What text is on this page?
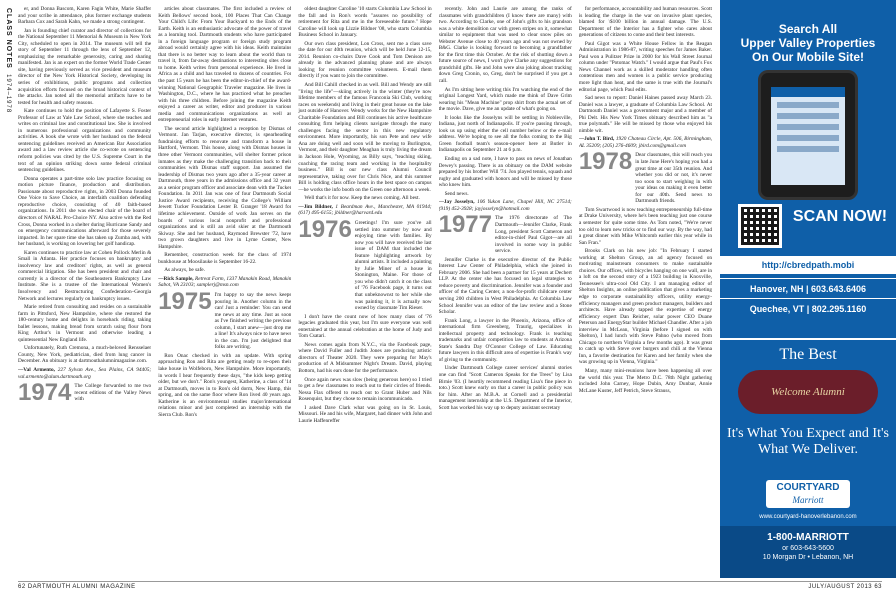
CLASS NOTES  1974–1978

er, and Donna Bascom, Karen Fagin White, Marie Shaffer and your scribe in attendance, plus former exchange students Barbara Cox and Sarah Kahn, we made a strong contingent.

Jan is founding chief curator and director of collections for the National September 11 Memorial & Museum in New York City, scheduled to open in 2014. The museum will tell the story of September 11 through the lens of September 12, emphasizing the remarkable generosity, caring and sharing manifested. Jan is an expert on the former World Trade Center site, having previously served as vice president and museum director of the New York Historical Society, developing its series of exhibitions, public programs and collection acquisition efforts focused on the broad historical context of the attacks. Jan noted all the memorial artifacts have to be tested for health and safety reasons.

Kate continues to hold the position of Lafayette S. Foster Professor of Law at Yale Law School, where she teaches and writes on criminal law and constitutional law. She is involved in numerous professional organizations and community activities. A book she wrote with her husband on the federal sentencing guidelines received an American Bar Association award and a law review article she co-wrote on sentencing reform policies was cited by the U.S. Supreme Court in the text of an opinion striking down some federal criminal sentencing guidelines.

Donna operates a part-time solo law practice focusing on motion picture finance, production and distribution. Passionate about reproductive rights, in 2003 Donna founded One Voice to Save Choice, an interfaith coalition defending reproductive choice, consisting of 40 faith-based organizations. In 2011 she was elected chair of the board of directors of NARAL Pro-Choice NY. Also active with the Red Cross, Donna worked in a shelter during Hurricane Sandy and on emergency communications afterward for those severely impacted. In her spare time she has taken up Zumba and, with her husband, is working on lowering her golf handicap.

Karen continues to practice law at Cohen Pollock Merlin & Small in Atlanta. Her practice focuses on bankruptcy and insolvency law and creditors' rights, as well as general commercial litigation. She has been president and chair and currently is a director of the Southeastern Bankruptcy Law Institute. She is a trustee of the International Women's Insolvency and Restructuring Confederation–Georgia Network and lectures regularly on bankruptcy issues.

Marie retired from consulting and resides on a sustainable farm in Pittsford, New Hampshire, where she restored the 180-century home and delights in horseback riding, taking ballet lessons, making bread from scratch using flour from King Arthur's in Vermont and otherwise leading a quintessential New England life.

Unfortunately, Ruth Cremona, a much-beloved Rensselaer County, New York, pediatrician, died from lung cancer in December. An obituary is at dartmouthalumnimagazine.com.

—Val Armento, 227 Sylvan Ave., Sea Plains, CA 94405; val.armento@alum.dartmouth.org

1974 The College forwarded to me two recent editions of the Valley News with

articles about classmates. The first included a review of Keith Bellows' second book, 100 Places That Can Change Your Child's Life: From Your Backyard to the Ends of the Earth. Keith is an enthusiastic advocate of the power of travel as a learning tool. Dartmouth students who have participated in a foreign language program or foreign study program abroad would certainly agree with his ideas. Keith maintains that there is no better way to learn about the world than to travel it, from far-away destinations to interesting sites close to home. Keith writes from personal experience. He lived in Africa as a child and has traveled to dozens of countries. For the past 15 years he has been the editor-in-chief of the award-winning National Geographic Traveler magazine. He lives in Washington, D.C., where he has practiced what he preaches with his three children. Before joining the magazine Keith enjoyed a career as writer, editor and producer in various media and communications organizations as well as entrepreneurial roles in early Internet ventures.

The second article highlighted a reception by Dismas of Vermont. Jan Tarjan, executive director, is spearheading fundraising efforts to renovate and transform a house in Hartford, Vermont. This house, along with Dismas houses in three other Vermont communities, will shelter former prison inmates as they make the challenging transition back to their communities with Dismas staff support. Jan assumed the leadership of Dismas two years ago after a 35-year career at Dartmouth, three years in the admissions office and 32 years as a senior program officer and associate dean with the Tucker Foundation. In 2011 Jan was one of four Dartmouth Social Justice Award recipients, receiving the College's William Jewett Tucker Foundation Lester B. Granger '18 Award for lifetime achievement. Outside of work Jan serves on the boards of various local nonprofit and professional organizations and is still an avid skier at the Dartmouth Skiway. She and her husband, Raymond Brewster '72, have two grown daughters and live in Lyme Center, New Hampshire.

Remember, construction week for the class of 1974 bunkhouse at Moosilauke is September 16-22.

As always, be safe.

—Rick Sample, Retreat Farm, 1337 Manakin Road, Manakin Sabot, VA 23103; samplerj@msn.com

1975 I'm happy to say the news keeps pouring in. Another column in the can! Just a reminder: You can send me news at any time. Just as soon as I've finished writing the previous column, I start anew—just drop me a line! It's always nice to have news in the can. I'm just delighted that folks are writing.

Ron Onac checked in with an update. With spring approaching Ron and Rita are getting ready to re-open their lake house in Wolfeboro, New Hampshire. More importantly, in words I hear frequently these days, "the kids keep getting older, but we don't." Ron's youngest, Katherine, a class of '14 at Dartmouth, moves in to Ron's old dorm, New Hamp, this spring, and on the same floor where Ron lived 40 years ago. Katherine is an environmental studies major/international relations minor and just completed an internship with the Sierra Club. Ron's

oldest daughter Caroline '10 starts Columbia Law School in the fall and in Ron's words "assures no possibility of retirement for Rita and me in the foreseeable future." Hope Caroline will look up Lizzie Bildner '08, who starts Columbia Business School in January.

Our own class president, Lon Cross, sent me a class save the date for our 40th reunion, which will be held June 12-15, 2014. Reunion co-chairs Dave Cook and Tom Denison are already in the advanced planning phase and are always looking for reunion committee volunteers. E-mail them directly if you want to join the committee.

And Bill Cahill checked in as well. Bill and Wendy are still "living the life"—skiing actively in the winter (they're now lifetime members of the famous Franconia Ski Club, working races on weekends) and living in their great house on the lake just outside of Hanover. Wendy works for the New Hampshire Charitable Foundation and Bill continues his active healthcare consulting firm helping clients navigate through the many challenges facing the sector in this new regulatory environment. More importantly, his son Pete and new wife Ana are doing well and soon will be moving to Burlington, Vermont, and their daughter Meaghan is truly living the dream in Jackson Hole, Wyoming, as Billy says, "teaching skiing, coaching the racing team and working in the hospitality business." Bill is our new class Alumni Council representative, taking over for Chris Nice, and this summer Bill is holding class office hours in the best space on campus—he works the info booth on the Green one afternoon a week.

Well that's it for now. Keep the news coming. All best.

—Jim Bildner, 1 Beardman Ave., Manchester, MA 01944; (617) 495-6155; jbildner@harvard.edu

1976 Greetings! I'm sure you've all settled into summer by now and enjoying time with families. By now you will have received the last issue of DAM that included the feature highlighting artwork by alumni artists. It included a painting by Julie Miner of a house in Stonington, Maine. For those of you who didn't catch it on the class of '76 Facebook page, it turns out that unbeknownst to her while she was painting it, it is actually now owned by classmate Tim Rieser.

I don't have the count now of how many class of '76 legacies graduated this year, but I'm sure everyone was well entertained at the annual celebration at the home of Judy and Tom Csatari.

News comes again from N.Y.C., via the Facebook page, where David Fuller and Judith Jones are producing artistic directors of Theater 2020. They were preparing for May's production of A Midsummer Night's Dream. David, playing Bottom, had his ears done for the performance.

Once again news was slow (being generous here) so I tried to get a few classmates to reach out to their circles of friends. Nessa Flax offered to reach out to Grant Huber and Nils Rosenquist, but they chose to remain incommunicado.

I asked Dave Clark what was going on in St. Louis, Missouri. He and his wife, Margaret, had dinner with John and Laurie Haffenreffer

recently. John and Laurie are among the ranks of classmates with grandchildren (I know there are many) with two. According to Clarke, one of John's gifts to his grandson was a white demolition car with green stripes on it, somewhat similar to equipment that was used to clear snow piles on Webster Avenue close to 40 years ago and was not owned by B&G. Clarke is looking forward to becoming a grandfather for the first time this October. At the risk of shutting down a future source of news, I won't give Clarke any suggestions for grandchild gifts. He and John were also joking about tracking down Greg Cronin, so, Greg, don't be surprised if you get a call.

As I'm sitting here writing this I'm watching the end of the original Longest Yard, which made me think of Dave Grim wearing his "Mean Machine" prop shirt from the actual set of the movie. Dave, give me an update of what's going on.

It looks like the Josselyns will be settling in Noblesville, Indiana, just north of Indianapolis. If you're passing through, look us up using either the cell number below or the e-mail address. We're hoping to see all the folks coming to the Big Green football team's season-opener here at Butler in Indianapolis on September 21 at 6 p.m.

Ending on a sad note, I have to pass on news of Jonathan Dewey's passing. There is an obituary on the DAM website prepared by his brother Will '74. Jon played tennis, squash and rugby and graduated with honors and will be missed by those who knew him.

Send news.

—Jay Josselyn, 106 Yukon Lane, Chapel Hill, NC 27514; (919) 452-3928; jayjosselyn@hotmail.com

1977 The 1976 directorate of The Dartmouth—Jennifer Clarke, Frank Long, president Scott Cameron and editor-in-chief Paul Gigot—are all involved in some way in public service.

Jennifer Clarke is the executive director of the Public Interest Law Center of Philadelphia, which she joined in February 2006. She had been a partner for 15 years at Dechert LLP. At the center she has focused on legal strategies to reduce poverty and discrimination. Jennifer was a founder and officer of the Caring Center, a non-for-profit childcare center serving 200 children in West Philadelphia. At Columbia Law School Jennifer was an editor of the law review and a Stone Scholar.

Frank Long, a lawyer in the Phoenix, Arizona, office of international firm Greenberg, Traurig, specializes in intellectual property and technology. Frank is teaching trademarks and unfair competition law to students at Arizona State's Sandra Day O'Connor College of Law. Educating future lawyers in this difficult area of expertise is Frank's way of giving to the community.

Under Dartmouth College career services' alumni stories one can find "Scott Cameron Speaks for the Trees" by Lisa Birnie '03. (I heartily recommend reading Lisa's fine piece in toto.) Scott knew early on that a career in public policy was for him. After an M.B.A. at Cornell and a presidential management internship at the U.S. Department of the Interior, Scott has worked his way up to deputy assistant secretary

for performance, accountability and human resources. Scott is leading the charge in the war on invasive plant species, blamed for \$100 billion in annual damage. The U.S. Department of the Interior has a fighter who cares about generations of citizens to come and their best interests.

Paul Gigot was a White House Fellow in the Reagan Administration in 1986-87, writing speeches for James Baker. Paul won a Pulitzer Prize in 2000 for his Wall Street Journal column under "Potomac Watch." I would argue that Paul's Fox News Channel work as a skilled moderator handling often contentious men and women is a public service producing more light than heat, and the same is true with the Journal's editorial page, which Paul edits.

Sad news to report: Daniel Haines passed away March 23. Daniel was a lawyer, a graduate of Columbia Law School. At Dartmouth Daniel was a government major and a member of Phi Delt. His New York Times obituary described him as "a true polymath." He will be missed by those who enjoyed his nimble wit.

—John T. Bird, 1920 Chateau Circle, Apt. 506, Birmingham, AL 35209; (205) 276-4609; jbird.com@gmail.com

1978 Dear classmates, this will reach you in late June Here's hoping you had a great time at our 35th reunion. And whether you did or not, it's never too soon to start weighing in with your ideas on making it even better for our 40th. Send news to Dartmouth friends.

Tom Swartwood is now teaching entrepreneurship full-time at Drake University, where he's been teaching just one course a semester for quite some time. As Tom noted, "We're never too old to learn new tricks or to find our way. By the way, had a great dinner with Mike Whitcomb earlier this year while in San Fran."

Brooks Clark on his new job: "In February I started working at Shelton Group, an ad agency focused on motivating mainstream consumers to make sustainable choices. Our offices, with bicycles hanging on one wall, are in a loft on the second story of a 1923 building in Knoxville, Tennessee's ultra-cool Old City. I am managing editor of Shelton Insights, an online publication that gives a marketing edge to corporate sustainability officers, utility energy-efficiency managers and green product managers, builders and architects. Have already tapped the expertise of energy efficiency expert Dan Reicher, solar power CEO Duane Peterson and EnergyStar builder Michael Chandler. After a job interview in McLean, Virginia (before I signed on with Shelton), I had lunch with Steve Pahno (who moved from Chicago to northern Virginia a few months ago). It was great to catch up with Steve over burgers and chili at the Vienna Inn, a favorite destination for Karen and her family when she was growing up in Vienna, Virginia."

Many, many mini-reunions have been happening all over the world this year. The Metro D.C. 78th Night gathering included John Carney, Hope Dubin, Amy Dunbar, Annie McLane Kuster, Jeff Petrich, Steve Strauss,

62 DARTMOUTH ALUMNI MAGAZINE	JULY/AUGUST 2013 63
Search All
Upper Valley Properties
On Our Mobile Site!
SCAN NOW!
http://cbredpath.mobi
Hanover, NH | 603.643.6406
Quechee, VT | 802.295.1160
The Best
Welcome Alumni
It's What You Expect and It's What We Deliver.
COURTYARD
Marriott
www.courtyard-hanoverlebanon.com
1-800-MARRIOTT
or 603-643-5600
10 Morgan Dr • Lebanon, NH
